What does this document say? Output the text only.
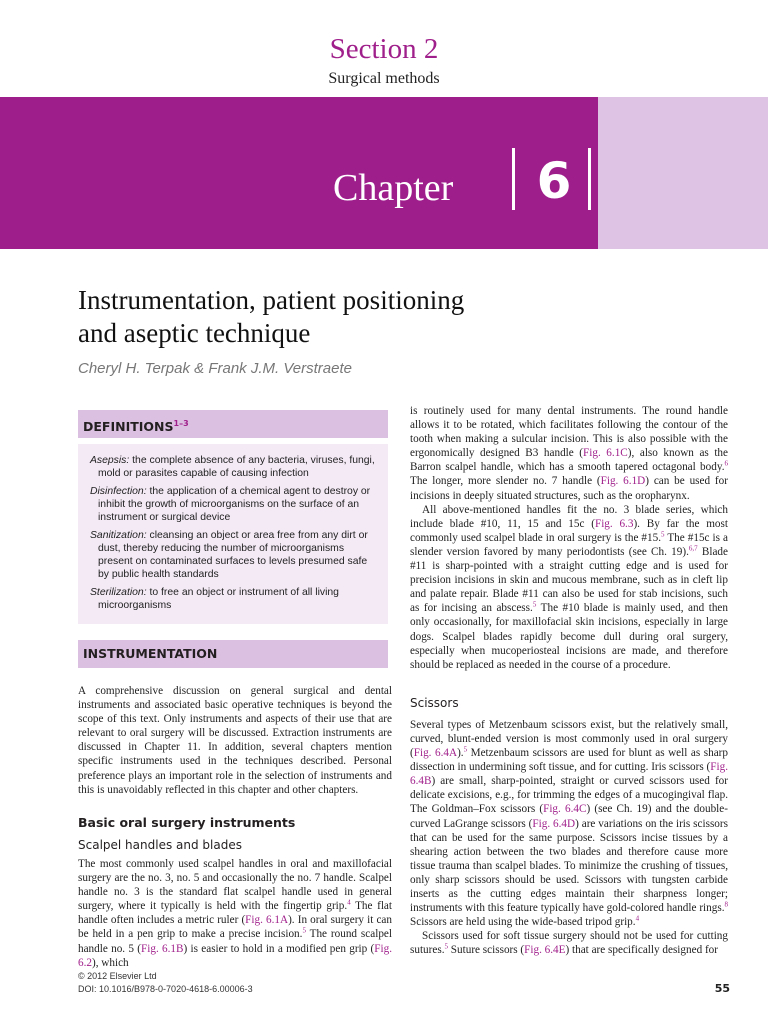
Section 2
Surgical methods
Chapter 6
Instrumentation, patient positioning
and aseptic technique
Cheryl H. Terpak & Frank J.M. Verstraete
DEFINITIONS$^{1-3}$
Asepsis: the complete absence of any bacteria, viruses, fungi, mold or parasites capable of causing infection
Disinfection: the application of a chemical agent to destroy or inhibit the growth of microorganisms on the surface of an instrument or surgical device
Sanitization: cleansing an object or area free from any dirt or dust, thereby reducing the number of microorganisms present on contaminated surfaces to levels presumed safe by public health standards
Sterilization: to free an object or instrument of all living microorganisms
INSTRUMENTATION

A comprehensive discussion on general surgical and dental instruments and associated basic operative techniques is beyond the scope of this text. Only instruments and aspects of their use that are relevant to oral surgery will be discussed. Extraction instruments are discussed in Chapter 11. In addition, several chapters mention specific instruments used in the techniques described. Personal preference plays an important role in the selection of instruments and this is unavoidably reflected in this chapter and other chapters.

Basic oral surgery instruments
Scalpel handles and blades

The most commonly used scalpel handles in oral and maxillofacial surgery are the no. 3, no. 5 and occasionally the no. 7 handle. Scalpel handle no. 3 is the standard flat scalpel handle used in general surgery, where it typically is held with the fingertip grip.$^4$ The flat handle often includes a metric ruler (Fig. 6.1A). In oral surgery it can be held in a pen grip to make a precise incision.$^5$ The round scalpel handle no. 5 (Fig. 6.1B) is easier to hold in a modified pen grip (Fig. 6.2), which

is routinely used for many dental instruments. The round handle allows it to be rotated, which facilitates following the contour of the tooth when making a sulcular incision. This is also possible with the ergonomically designed B3 handle (Fig. 6.1C), also known as the Barron scalpel handle, which has a smooth tapered octagonal body.$^6$ The longer, more slender no. 7 handle (Fig. 6.1D) can be used for incisions in deeply situated structures, such as the oropharynx.

All above-mentioned handles fit the no. 3 blade series, which include blade #10, 11, 15 and 15c (Fig. 6.3). By far the most commonly used scalpel blade in oral surgery is the #15.$^5$ The #15c is a slender version favored by many periodontists (see Ch. 19).$^{6,7}$ Blade #11 is sharp-pointed with a straight cutting edge and is used for precision incisions in skin and mucous membrane, such as in cleft lip and palate repair. Blade #11 can also be used for stab incisions, such as for incising an abscess.$^5$ The #10 blade is mainly used, and then only occasionally, for maxillofacial skin incisions, especially in large dogs. Scalpel blades rapidly become dull during oral surgery, especially when mucoperiosteal incisions are made, and therefore should be replaced as needed in the course of a procedure.

Scissors

Several types of Metzenbaum scissors exist, but the relatively small, curved, blunt-ended version is most commonly used in oral surgery (Fig. 6.4A).$^5$ Metzenbaum scissors are used for blunt as well as sharp dissection in undermining soft tissue, and for cutting. Iris scissors (Fig. 6.4B) are small, sharp-pointed, straight or curved scissors used for delicate excisions, e.g., for trimming the edges of a mucogingival flap. The Goldman–Fox scissors (Fig. 6.4C) (see Ch. 19) and the double-curved LaGrange scissors (Fig. 6.4D) are variations on the iris scissors that can be used for the same purpose. Scissors incise tissues by a shearing action between the two blades and therefore cause more tissue trauma than scalpel blades. To minimize the crushing of tissues, only sharp scissors should be used. Scissors with tungsten carbide inserts as the cutting edges maintain their sharpness longer; instruments with this feature typically have gold-colored handle rings.$^8$ Scissors are held using the wide-based tripod grip.$^4$

Scissors used for soft tissue surgery should not be used for cutting sutures.$^5$ Suture scissors (Fig. 6.4E) that are specifically designed for

© 2012 Elsevier Ltd
DOI: 10.1016/B978-0-7020-4618-6.00006-3	55
